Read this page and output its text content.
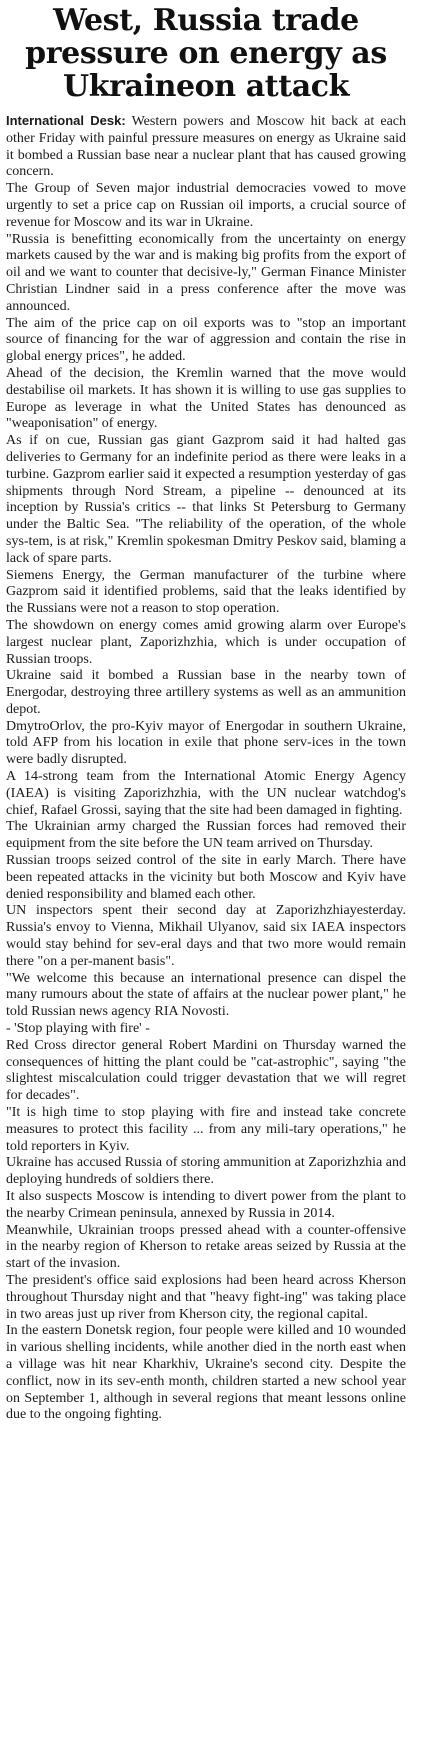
West, Russia trade pressure on energy as Ukraineon attack

International Desk: Western powers and Moscow hit back at each other Friday with painful pressure measures on energy as Ukraine said it bombed a Russian base near a nuclear plant that has caused growing concern.

The Group of Seven major industrial democracies vowed to move urgently to set a price cap on Russian oil imports, a crucial source of revenue for Moscow and its war in Ukraine.

"Russia is benefitting economically from the uncertainty on energy markets caused by the war and is making big profits from the export of oil and we want to counter that decisive-ly," German Finance Minister Christian Lindner said in a press conference after the move was announced.

The aim of the price cap on oil exports was to "stop an important source of financing for the war of aggression and contain the rise in global energy prices", he added.

Ahead of the decision, the Kremlin warned that the move would destabilise oil markets. It has shown it is willing to use gas supplies to Europe as leverage in what the United States has denounced as "weaponisation" of energy.

As if on cue, Russian gas giant Gazprom said it had halted gas deliveries to Germany for an indefinite period as there were leaks in a turbine. Gazprom earlier said it expected a resumption yesterday of gas shipments through Nord Stream, a pipeline -- denounced at its inception by Russia's critics -- that links St Petersburg to Germany under the Baltic Sea. "The reliability of the operation, of the whole sys-tem, is at risk," Kremlin spokesman Dmitry Peskov said, blaming a lack of spare parts.

Siemens Energy, the German manufacturer of the turbine where Gazprom said it identified problems, said that the leaks identified by the Russians were not a reason to stop operation.

The showdown on energy comes amid growing alarm over Europe's largest nuclear plant, Zaporizhzhia, which is under occupation of Russian troops.

Ukraine said it bombed a Russian base in the nearby town of Energodar, destroying three artillery systems as well as an ammunition depot.

DmytroOrlov, the pro-Kyiv mayor of Energodar in southern Ukraine, told AFP from his location in exile that phone serv-ices in the town were badly disrupted.

A 14-strong team from the International Atomic Energy Agency (IAEA) is visiting Zaporizhzhia, with the UN nuclear watchdog's chief, Rafael Grossi, saying that the site had been damaged in fighting.

The Ukrainian army charged the Russian forces had removed their equipment from the site before the UN team arrived on Thursday.

Russian troops seized control of the site in early March. There have been repeated attacks in the vicinity but both Moscow and Kyiv have denied responsibility and blamed each other.

UN inspectors spent their second day at Zaporizhzhiayesterday. Russia's envoy to Vienna, Mikhail Ulyanov, said six IAEA inspectors would stay behind for sev-eral days and that two more would remain there "on a per-manent basis".

"We welcome this because an international presence can dispel the many rumours about the state of affairs at the nuclear power plant," he told Russian news agency RIA Novosti.

- 'Stop playing with fire' -

Red Cross director general Robert Mardini on Thursday warned the consequences of hitting the plant could be "cat-astrophic", saying "the slightest miscalculation could trigger devastation that we will regret for decades".

"It is high time to stop playing with fire and instead take concrete measures to protect this facility ... from any mili-tary operations," he told reporters in Kyiv.

Ukraine has accused Russia of storing ammunition at Zaporizhzhia and deploying hundreds of soldiers there.

It also suspects Moscow is intending to divert power from the plant to the nearby Crimean peninsula, annexed by Russia in 2014.

Meanwhile, Ukrainian troops pressed ahead with a counter-offensive in the nearby region of Kherson to retake areas seized by Russia at the start of the invasion.

The president's office said explosions had been heard across Kherson throughout Thursday night and that "heavy fight-ing" was taking place in two areas just up river from Kherson city, the regional capital.

In the eastern Donetsk region, four people were killed and 10 wounded in various shelling incidents, while another died in the north east when a village was hit near Kharkhiv, Ukraine's second city. Despite the conflict, now in its sev-enth month, children started a new school year on September 1, although in several regions that meant lessons online due to the ongoing fighting.
